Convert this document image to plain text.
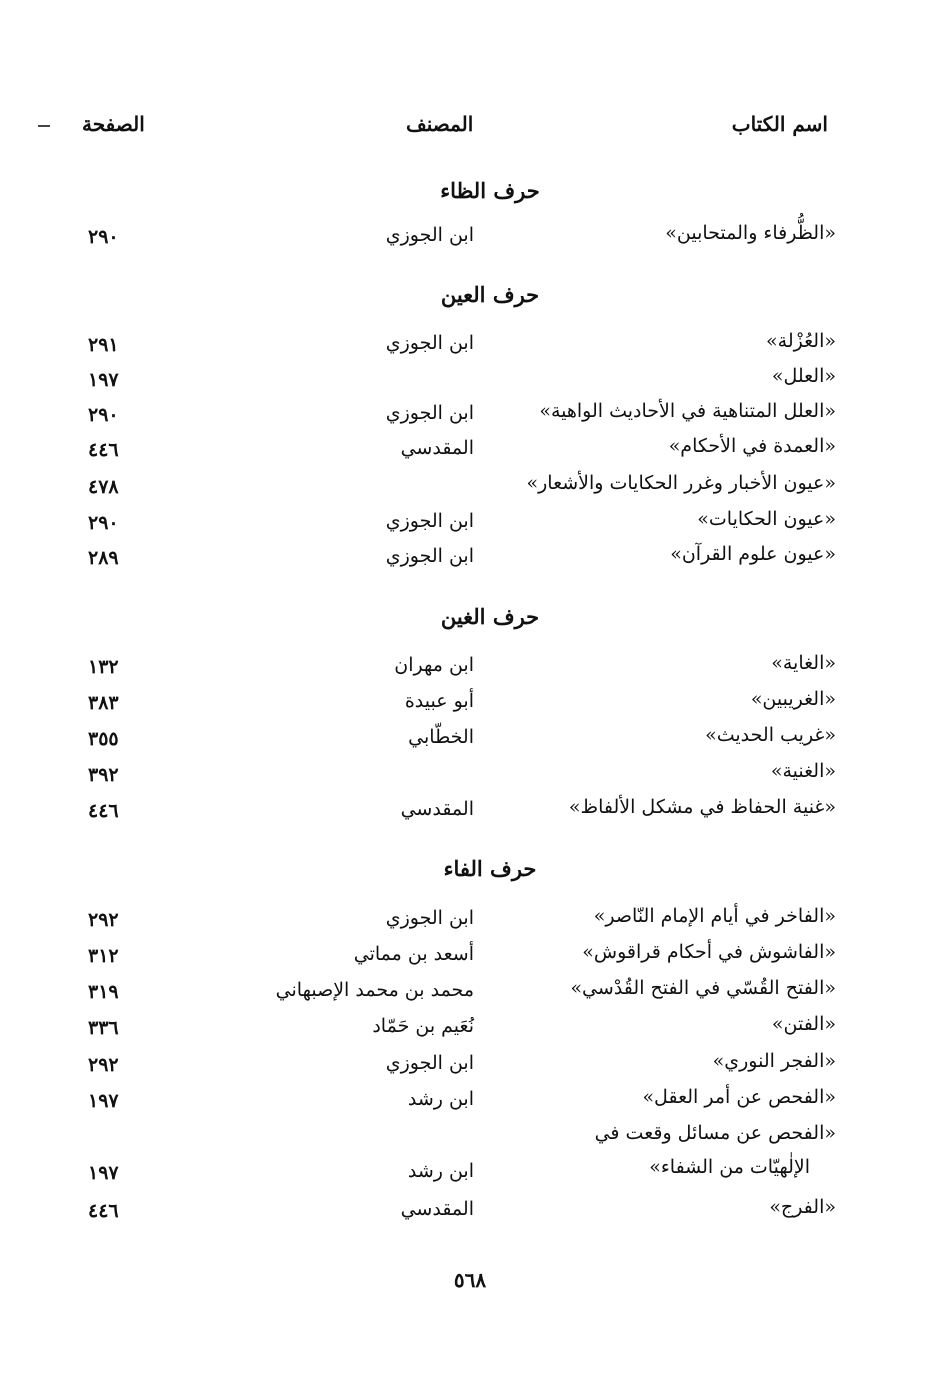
اسم الكتاب
المصنف
الصفحة
حرف الظاء
«الظُّرفاء والمتحابين»
ابن الجوزي
٢٩٠
حرف العين
«العُزْلة»
ابن الجوزي
٢٩١
«العلل»
١٩٧
«العلل المتناهية في الأحاديث الواهية»
ابن الجوزي
٢٩٠
«العمدة في الأحكام»
المقدسي
٤٤٦
«عيون الأخبار وغرر الحكايات والأشعار»
٤٧٨
«عيون الحكايات»
ابن الجوزي
٢٩٠
«عيون علوم القرآن»
ابن الجوزي
٢٨٩
حرف الغين
«الغاية»
ابن مهران
١٣٢
«الغريبين»
أبو عبيدة
٣٨٣
«غريب الحديث»
الخطّابي
٣٥٥
«الغنية»
٣٩٢
«غنية الحفاظ في مشكل الألفاظ»
المقدسي
٤٤٦
حرف الفاء
«الفاخر في أيام الإمام النّاصر»
ابن الجوزي
٢٩٢
«الفاشوش في أحكام قراقوش»
أسعد بن مماتي
٣١٢
«الفتح القُسّي في الفتح القُدْسي»
محمد بن محمد الإصبهاني
٣١٩
«الفتن»
نُعَيم بن حَمّاد
٣٣٦
«الفجر النوري»
ابن الجوزي
٢٩٢
«الفحص عن أمر العقل»
ابن رشد
١٩٧
«الفحص عن مسائل وقعت في
الإلٰهيّات من الشفاء»
ابن رشد
١٩٧
«الفرج»
المقدسي
٤٤٦
٥٦٨
